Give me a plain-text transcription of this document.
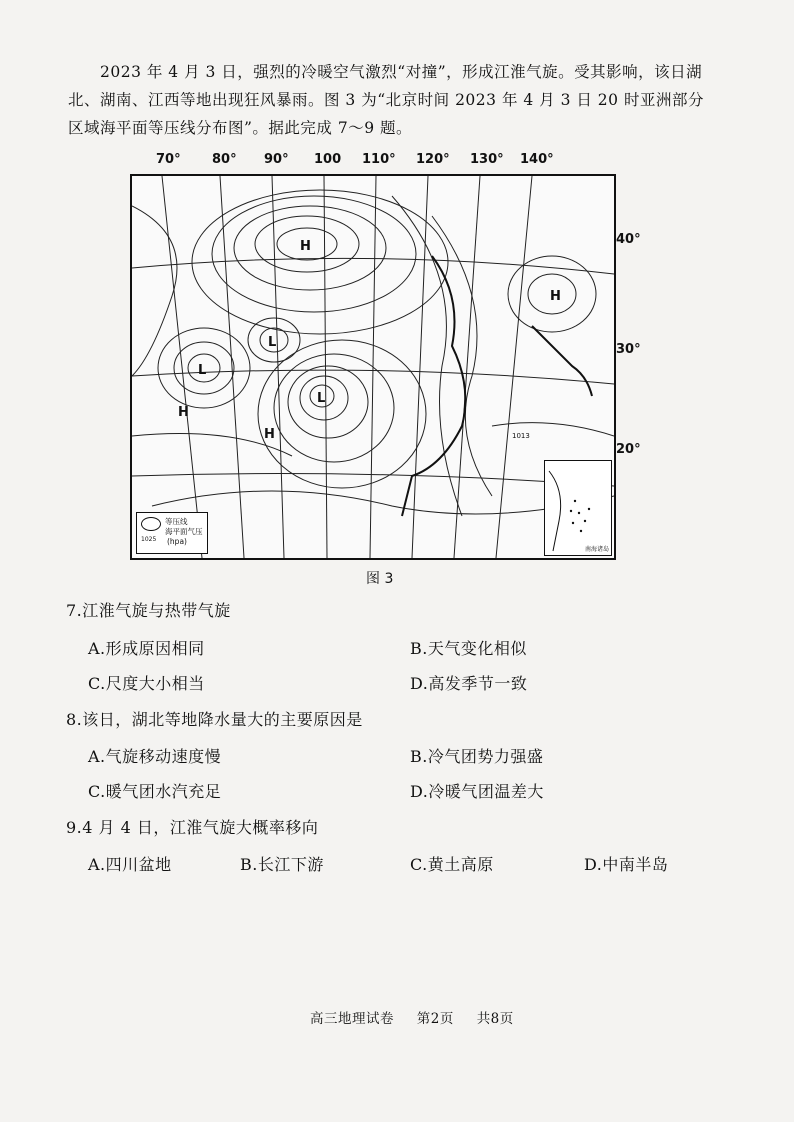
2023 年 4 月 3 日，强烈的冷暖空气激烈“对撞”，形成江淮气旋。受其影响，该日湖北、湖南、江西等地出现狂风暴雨。图 3 为“北京时间 2023 年 4 月 3 日 20 时亚洲部分区域海平面等压线分布图”。据此完成 7～9 题。
70° 80° 90° 100 110° 120° 130° 140°
40°
30°
20°
H
H
H
H
L
L
L
1013
1025
等压线
海平面气压
(hpa)
南海诸岛
图 3
7.江淮气旋与热带气旋
A.形成原因相同	B.天气变化相似
C.尺度大小相当	D.高发季节一致
8.该日，湖北等地降水量大的主要原因是
A.气旋移动速度慢	B.冷气团势力强盛
C.暖气团水汽充足	D.冷暖气团温差大
9.4 月 4 日，江淮气旋大概率移向
A.四川盆地	B.长江下游	C.黄土高原	D.中南半岛
高三地理试卷 第2页 共8页
